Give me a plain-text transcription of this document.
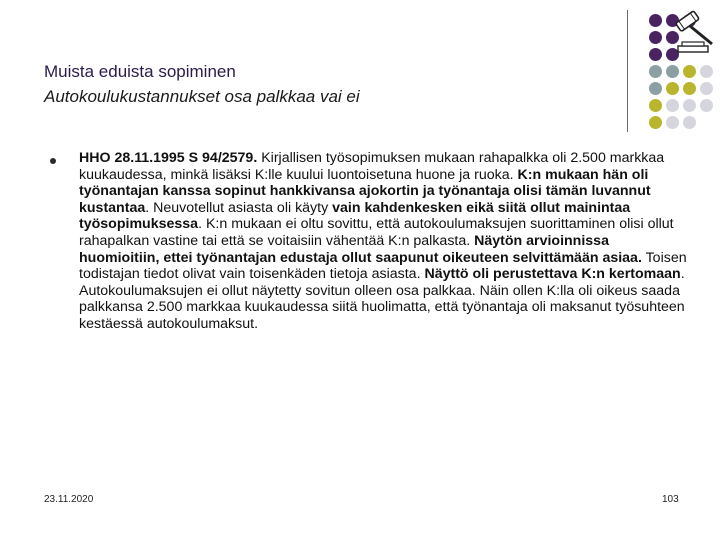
Muista eduista sopiminen
Autokoulukustannukset osa palkkaa vai ei
HHO 28.11.1995 S 94/2579. Kirjallisen työsopimuksen mukaan rahapalkka oli 2.500 markkaa kuukaudessa, minkä lisäksi K:lle kuului luontoisetuna huone ja ruoka. K:n mukaan hän oli työnantajan kanssa sopinut hankkivansa ajokortin ja työnantaja olisi tämän luvannut kustantaa. Neuvotellut asiasta oli käyty vain kahdenkesken eikä siitä ollut mainintaa työsopimuksessa. K:n mukaan ei oltu sovittu, että autokoulumaksujen suorittaminen olisi ollut rahapalkan vastine tai että se voitaisiin vähentää K:n palkasta. Näytön arvioinnissa huomioitiin, ettei työnantajan edustaja ollut saapunut oikeuteen selvittämään asiaa. Toisen todistajan tiedot olivat vain toisenkäden tietoja asiasta. Näyttö oli perustettava K:n kertomaan. Autokoulumaksujen ei ollut näytetty sovitun olleen osa palkkaa. Näin ollen K:lla oli oikeus saada palkkansa 2.500 markkaa kuukaudessa siitä huolimatta, että työnantaja oli maksanut työsuhteen kestäessä autokoulumaksut.
23.11.2020	103
